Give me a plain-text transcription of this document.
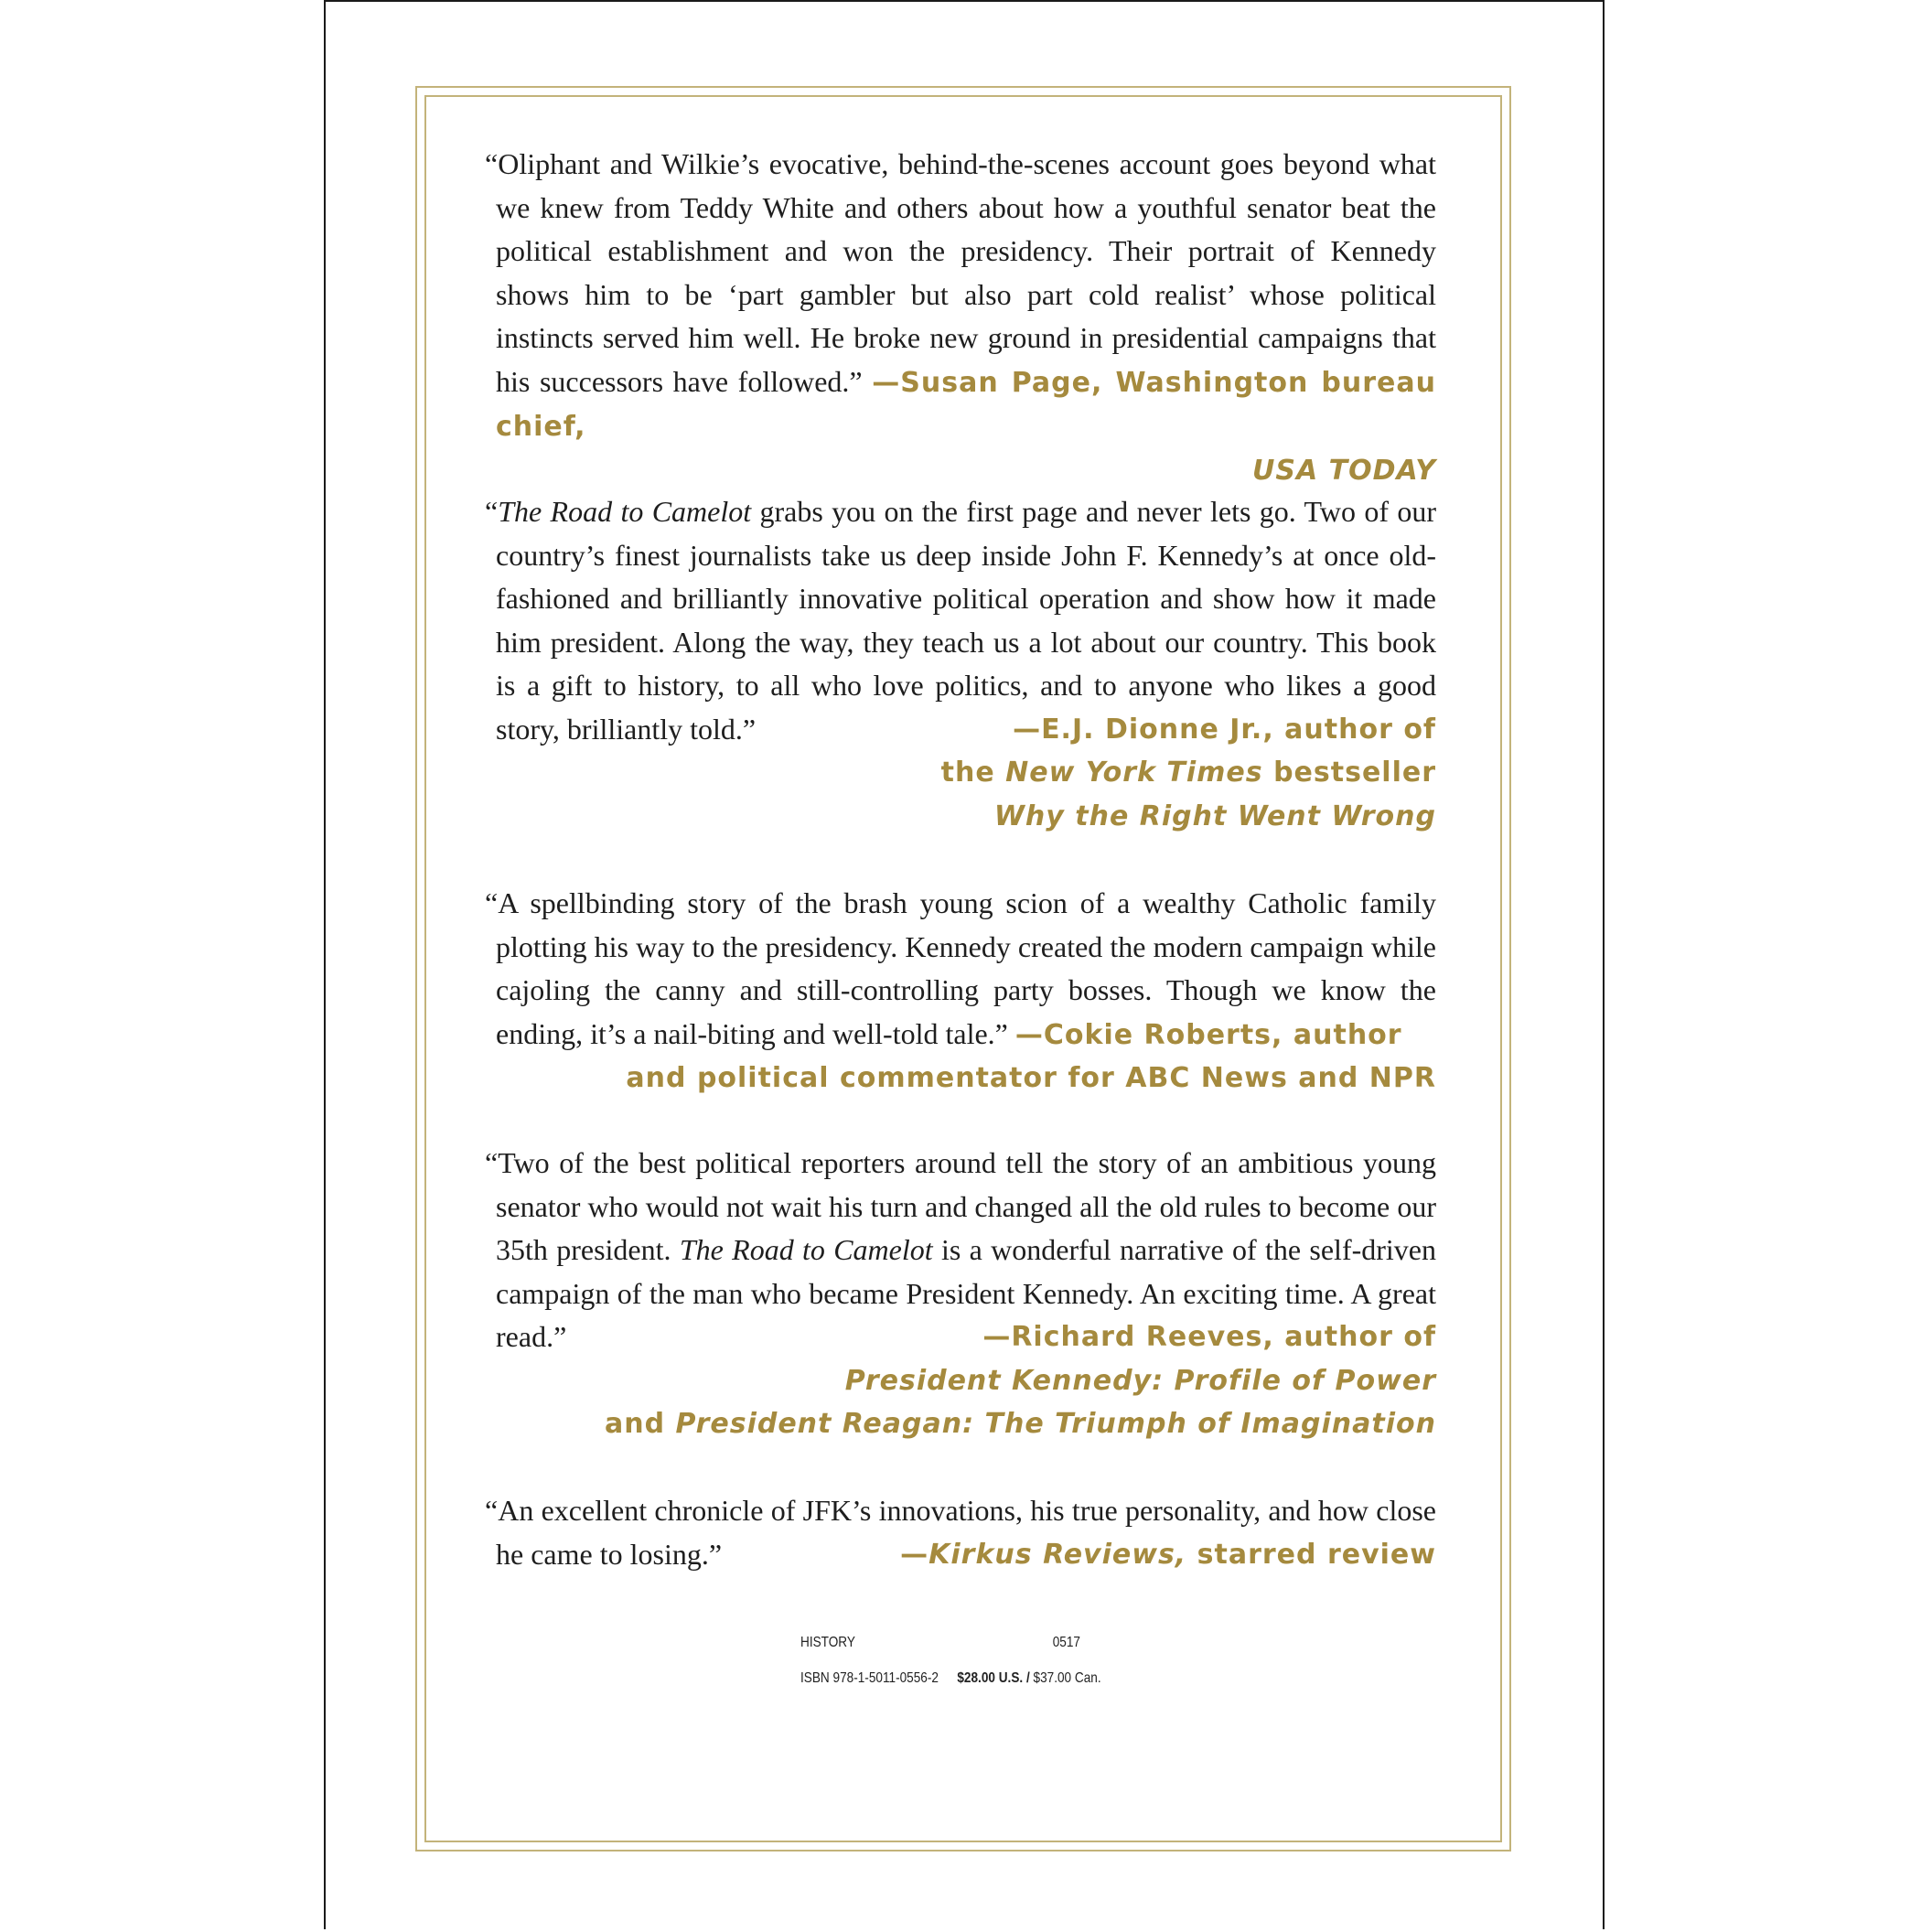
“Oliphant and Wilkie’s evocative, behind-the-scenes account goes beyond what we knew from Teddy White and others about how a youthful senator beat the political establishment and won the presidency. Their portrait of Kennedy shows him to be ‘part gambler but also part cold realist’ whose political instincts served him well. He broke new ground in presidential campaigns that his successors have followed.” —Susan Page, Washington bureau chief,
USA TODAY
“The Road to Camelot grabs you on the first page and never lets go. Two of our country’s finest journalists take us deep inside John F. Kennedy’s at once old-fashioned and brilliantly innovative political operation and show how it made him president. Along the way, they teach us a lot about our country. This book is a gift to history, to all who love politics, and to anyone who likes a good story, brilliantly told.”	—E.J. Dionne Jr., author of
the New York Times bestseller
Why the Right Went Wrong
“A spellbinding story of the brash young scion of a wealthy Catholic family plotting his way to the presidency. Kennedy created the modern campaign while cajoling the canny and still-controlling party bosses. Though we know the ending, it’s a nail-biting and well-told tale.” —Cokie Roberts, author
and political commentator for ABC News and NPR
“Two of the best political reporters around tell the story of an ambitious young senator who would not wait his turn and changed all the old rules to become our 35th president. The Road to Camelot is a wonderful narrative of the self-driven campaign of the man who became President Kennedy. An exciting time. A great read.”	—Richard Reeves, author of
President Kennedy: Profile of Power
and President Reagan: The Triumph of Imagination
“An excellent chronicle of JFK’s innovations, his true personality, and how close he came to losing.”	—Kirkus Reviews, starred review
HISTORY	0517
ISBN 978-1-5011-0556-2 $28.00 U.S. / $37.00 Can.
